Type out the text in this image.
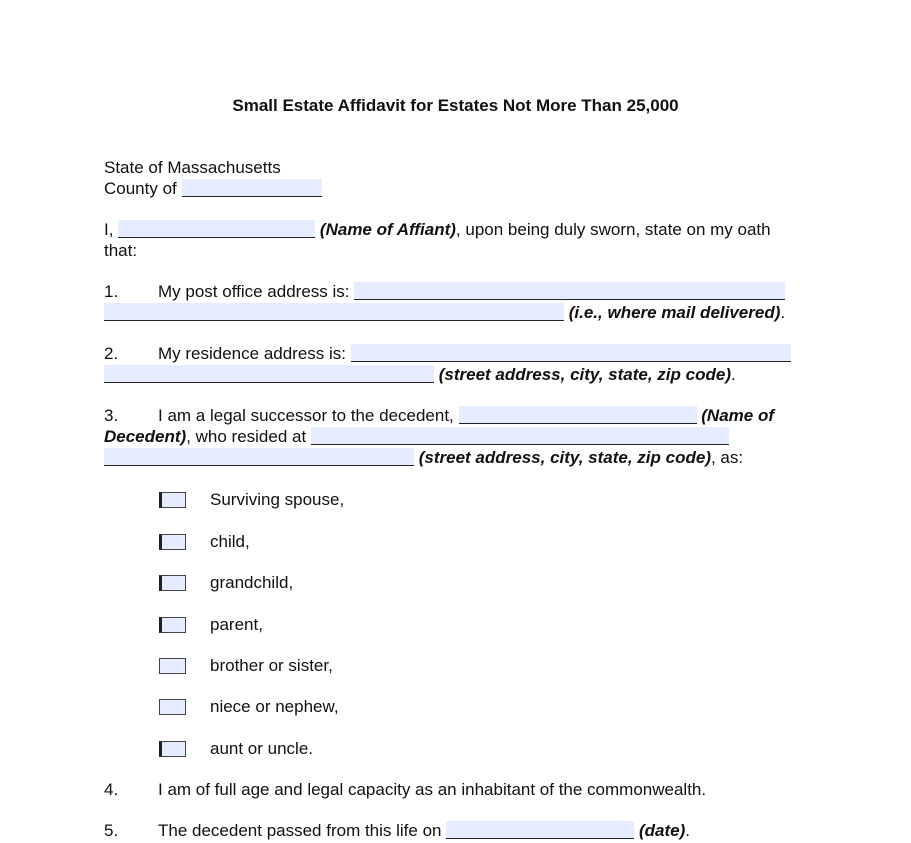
Small Estate Affidavit for Estates Not More Than 25,000
State of Massachusetts
County of
I,	(Name of Affiant), upon being duly sworn, state on my oath
that:
1. My post office address is:
(i.e., where mail delivered).
2. My residence address is:
(street address, city, state, zip code).
3. I am a legal successor to the decedent,	(Name of
Decedent), who resided at
(street address, city, state, zip code), as:
Surviving spouse,
child,
grandchild,
parent,
brother or sister,
niece or nephew,
aunt or uncle.
4. I am of full age and legal capacity as an inhabitant of the commonwealth.
5. The decedent passed from this life on	(date).
